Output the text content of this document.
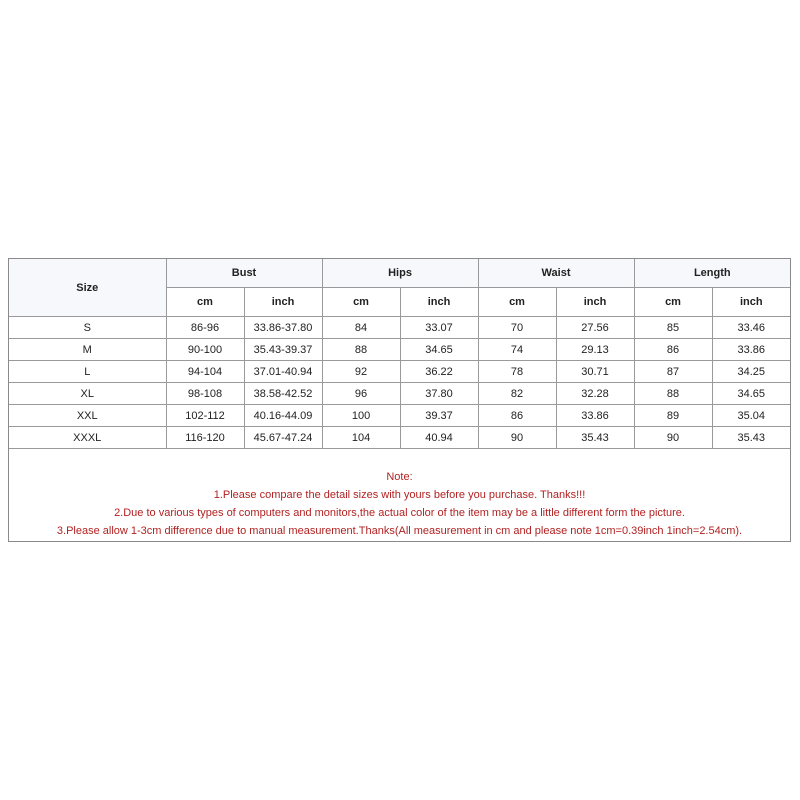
Size	Bust		Hips		Waist		Length	
	cm	inch	cm	inch	cm	inch	cm	inch
S	86-96	33.86-37.80	84	33.07	70	27.56	85	33.46
M	90-100	35.43-39.37	88	34.65	74	29.13	86	33.86
L	94-104	37.01-40.94	92	36.22	78	30.71	87	34.25
XL	98-108	38.58-42.52	96	37.80	82	32.28	88	34.65
XXL	102-112	40.16-44.09	100	39.37	86	33.86	89	35.04
XXXL	116-120	45.67-47.24	104	40.94	90	35.43	90	35.43
Note:
1.Please compare the detail sizes with yours before you purchase. Thanks!!!
2.Due to various types of computers and monitors,the actual color of the item may be a little different form the picture.
3.Please allow 1-3cm difference due to manual measurement.Thanks(All measurement in cm and please note 1cm=0.39inch 1inch=2.54cm).
